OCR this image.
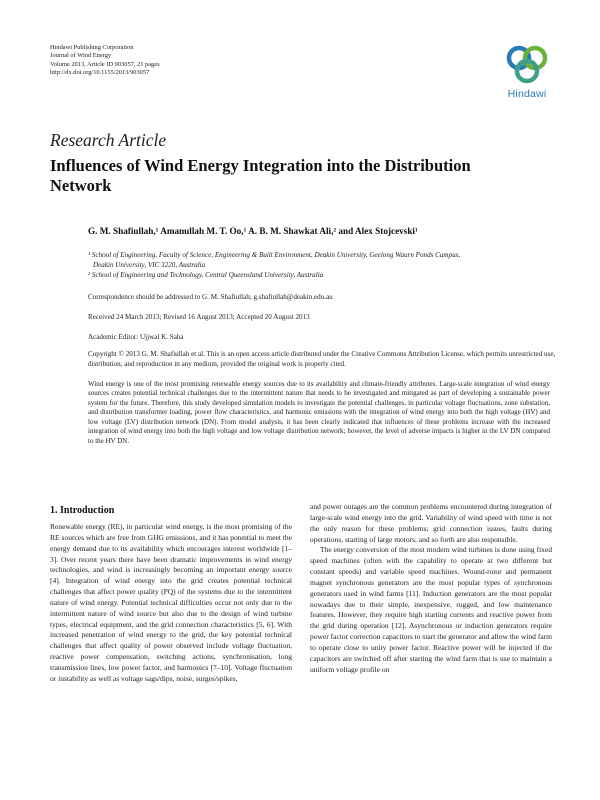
Hindawi Publishing Corporation
Journal of Wind Energy
Volume 2013, Article ID 903057, 21 pages
http://dx.doi.org/10.1155/2013/903057
Hindawi
Research Article
Influences of Wind Energy Integration into the Distribution Network
G. M. Shafiullah,¹ Amanullah M. T. Oo,¹ A. B. M. Shawkat Ali,² and Alex Stojcevski¹
¹ School of Engineering, Faculty of Science, Engineering & Built Environment, Deakin University, Geelong Waurn Ponds Campus,
Deakin University, VIC 3220, Australia
² School of Engineering and Technology, Central Queensland University, Australia
Correspondence should be addressed to G. M. Shafiullah; g.shafiullah@deakin.edu.au
Received 24 March 2013; Revised 16 August 2013; Accepted 20 August 2013
Academic Editor: Ujjwal K. Saha
Copyright © 2013 G. M. Shafiullah et al. This is an open access article distributed under the Creative Commons Attribution License, which permits unrestricted use, distribution, and reproduction in any medium, provided the original work is properly cited.
Wind energy is one of the most promising renewable energy sources due to its availability and climate-friendly attributes. Large-scale integration of wind energy sources creates potential technical challenges due to the intermittent nature that needs to be investigated and mitigated as part of developing a sustainable power system for the future. Therefore, this study developed simulation models to investigate the potential challenges, in particular voltage fluctuations, zone substation, and distribution transformer loading, power flow characteristics, and harmonic emissions with the integration of wind energy into both the high voltage (HV) and low voltage (LV) distribution network (DN). From model analysis, it has been clearly indicated that influences of these problems increase with the increased integration of wind energy into both the high voltage and low voltage distribution network; however, the level of adverse impacts is higher in the LV DN compared to the HV DN.
1. Introduction

Renewable energy (RE), in particular wind energy, is the most promising of the RE sources which are free from GHG emissions, and it has potential to meet the energy demand due to its availability which encourages interest worldwide [1–3]. Over recent years there have been dramatic improvements in wind energy technologies, and wind is increasingly becoming an important energy source [4]. Integration of wind energy into the grid creates potential technical challenges that affect power quality (PQ) of the systems due to the intermittent nature of wind energy. Potential technical difficulties occur not only due to the intermittent nature of wind source but also due to the design of wind turbine types, electrical equipment, and the grid connection characteristics [5, 6]. With increased penetration of wind energy to the grid, the key potential technical challenges that affect quality of power observed include voltage fluctuation, reactive power compensation, switching actions, synchronisation, long transmission lines, low power factor, and harmonics [7–10]. Voltage fluctuation or instability as well as voltage sags/dips, noise, surges/spikes,

and power outages are the common problems encountered during integration of large-scale wind energy into the grid. Variability of wind speed with time is not the only reason for these problems; grid connection issues, faults during operations, starting of large motors, and so forth are also responsible.

The energy conversion of the most modern wind turbines is done using fixed speed machines (often with the capability to operate at two different but constant speeds) and variable speed machines. Wound-rotor and permanent magnet synchronous generators are the most popular types of synchronous generators used in wind farms [11]. Induction generators are the most popular nowadays due to their simple, inexpensive, rugged, and low maintenance features. However, they require high starting currents and reactive power from the grid during operation [12]. Asynchronous or induction generators require power factor correction capacitors to start the generator and allow the wind farm to operate close to unity power factor. Reactive power will be injected if the capacitors are switched off after starting the wind farm that is use to maintain a uniform voltage profile on
